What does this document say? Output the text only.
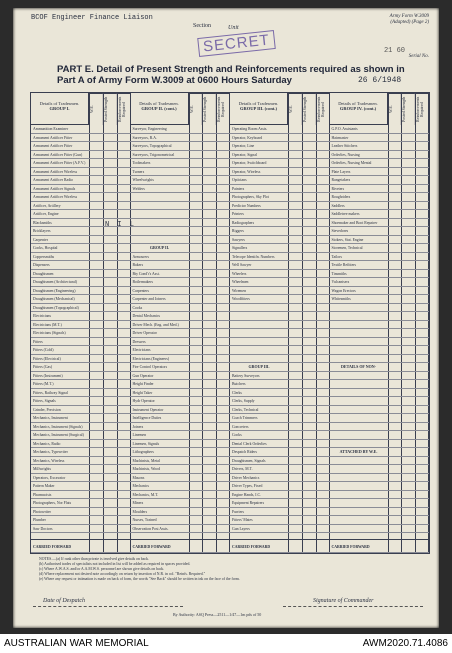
BCOF Engineer Finance Liaison
Section	Unit
Army Form W.3009
(Adapted) (Page 2)
21 60
Serial No.
SECRET
PART E. Detail of Present Strength and Reinforcements required as shown in
Part A of Army Form W.3009 at 0600 Hours Saturday	26 6/1948
Details of Tradesmen.
GROUP I.	W.E.	Posted Strength	Reinforcements Required
Ammunition Examiner
Armament Artificer Fitter
Armament Artificer Fitter
Armament Artificer Fitter (Gun)
Armament Artificer Fitter (A.F.V.)
Armament Artificer Wireless
Armament Artificer Radio
Armament Artificer Signals
Armament Artificer Wireless
Artificer, Artillery
Artificer, Engine
Blacksmiths
Bricklayers
Carpenter
Cooks, Hospital
Coppersmiths
Dispensers
Draughtsmen
Draughtsmen (Architectural)
Draughtsmen (Engineering)
Draughtsmen (Mechanical)
Draughtsmen (Topographical)
Electricians
Electricians (M.T.)
Electricians (Signals)
Fitters
Fitters (Cold)
Fitters (Electrical)
Fitters (Gas)
Fitters (Instrument)
Fitters (M.T.)
Fitters, Railway Signal
Fitters, Signals
Grinder, Precision
Mechanics, Instrument
Mechanics, Instrument (Signals)
Mechanics, Instrument (Surgical)
Mechanics, Radio
Mechanics, Typewriter
Mechanics, Wireless
Millwrights
Operators, Excavator
Pattern Maker
Pharmacists
Photographers, Nor Flats
Photowriter
Plumber
Saw Doctors
CARRIED FORWARD
Details of Tradesmen.
GROUP II. (cont.)	W.E.	Posted Strength	Reinforcements Required
Surveyor, Engineering
Surveyors, R.A.
Surveyors, Topographical
Surveyors, Trigonometrical
Toolmakers
Turners
Wheelwrights
Welders
GROUP II.
Armourers
Bakers
Bty Cond'r's Asst.
Boilermakers
Carpenters
Carpenter and Joiners
Cooks
Dental Mechanics
Driver Mech. (Eng. and Med.)
Driver Operator
Dressers
Electricians
Electricians (Engineers)
Fire Control Operators
Gun Operator
Height Finder
Height Taker
Hydr Operator
Instrument Operator
Intelligence Duties
Joiners
Linemen
Linemen, Signals
Lithographers
Machinists, Metal
Machinists, Wood
Masons
Mechanics
Mechanics, M.T.
Miners
Moulders
Nurses, Trained
Observation Post Assts.
CARRIED FORWARD
Details of Tradesmen.
GROUP III. (cont.)	W.E.	Posted Strength	Reinforcements Required
Operating Room Assts.
Operator, Keyboard
Operator, Line
Operator, Signal
Operator, Switchboard
Operator, Wireless
Opticians
Painters
Photographers, Sky Plot
Predictor Numbers
Printers
Radiographers
Riggers
Sawyers
Signallers
Telecope Identifn. Numbers
Well Sawyer
Wheelers
Wheelmen
Wiremen
Woodfitters
GROUP III.
Battery Surveyors
Butchers
Clerks
Clerks, Supply
Clerks, Technical
Coach Trimmers
Concreters
Cooks
Dental Clerk Orderlies
Despatch Riders
Draughtsmen, Signals
Drivers, M.T.
Driver Mechanics
Driver Types, Fixed
Engine Hands, I.C.
Equipment Repairers
Furriers
Fitters' Mates
Gun Layers
CARRIED FORWARD
Details of Tradesmen.
GROUP IV. (cont.)	W.E.	Posted Strength	Reinforcements Required
G.P.O. Assistants
Hairmaster
Leather Stitchers
Orderlies, Nursing
Orderlies, Nursing Mental
Plate Layers
Rangetakers
Riveters
Roughriders
Saddlers
Saddletree makers
Shoemaker and Boot Repairer
Stevedores
Stokers, Stat. Engine
Storemen, Technical
Tailors
Textile Refitters
Tinsmiths
Vulcanisers
Wagon Erectors
Whitesmiths
DETAILS OF NON-
ATTACHED BY W.E.
CARRIED FORWARD
N I L
NOTES.—(a) If rank other than private is involved give details on back.
(b) Authorised trades of specialists not included in list will be added as required in spaces provided.
(c) Where A.W.A.S. and/or A.A.M.W.S. personnel are shown give details on back.
(d) Where replacement not desired note accordingly on return by insertion of N.R. in col. "Reinfs. Required."
(e) Where any request or intimation is made on back of form, the words "See Back" should be written in ink on the face of the form.
Date of Despatch	Signature of Commander
By Authority: ASQ Press—2511—1/47—1m pds of 50
AUSTRALIAN WAR MEMORIAL	AWM2020.71.4086
